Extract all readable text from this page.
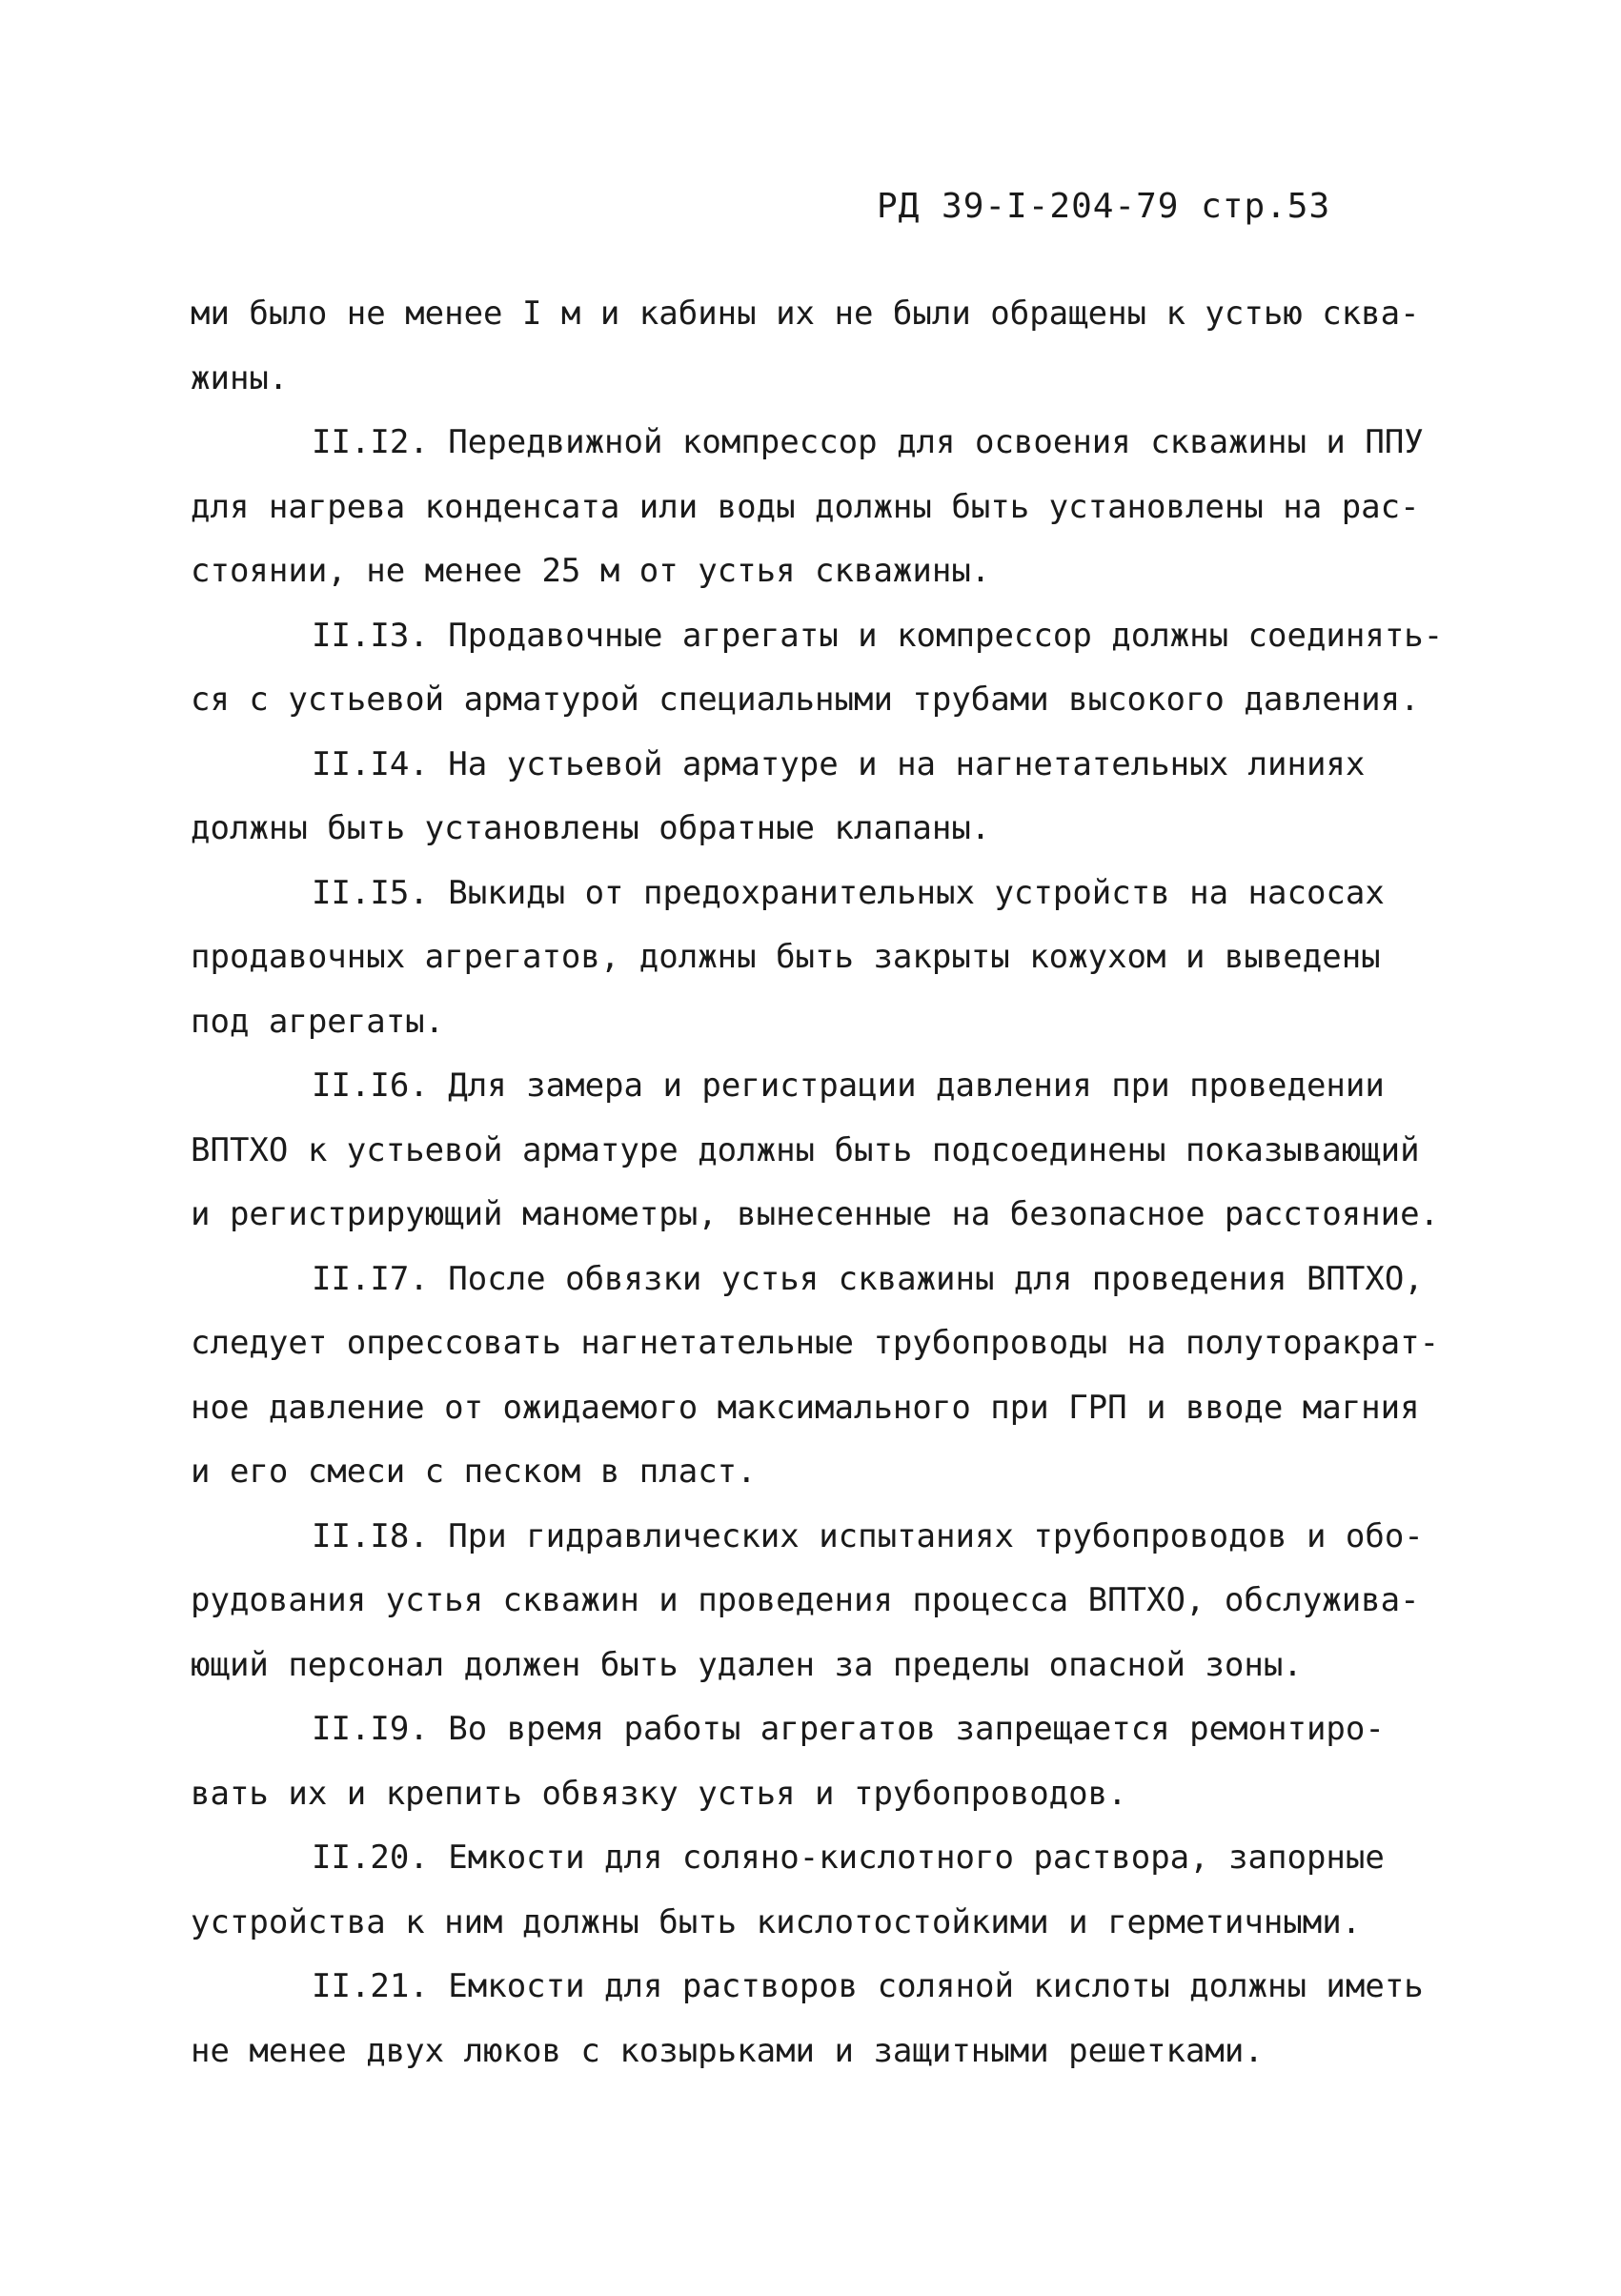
РД 39-I-204-79 стр.53
ми было не менее I м и кабины их не были обращены к устью сква-
жины.
II.I2. Передвижной компрессор для освоения скважины и ППУ
для нагрева конденсата или воды должны быть установлены на рас-
стоянии, не менее 25 м от устья скважины.
II.I3. Продавочные агрегаты и компрессор должны соединять-
ся с устьевой арматурой специальными трубами высокого давления.
II.I4. На устьевой арматуре и на нагнетательных линиях
должны быть установлены обратные клапаны.
II.I5. Выкиды от предохранительных устройств на насосах
продавочных агрегатов, должны быть закрыты кожухом и выведены
под агрегаты.
II.I6. Для замера и регистрации давления при проведении
ВПТХО к устьевой арматуре должны быть подсоединены показывающий
и регистрирующий манометры, вынесенные на безопасное расстояние.
II.I7. После обвязки устья скважины для проведения ВПТХО,
следует опрессовать нагнетательные трубопроводы на полуторакрат-
ное давление от ожидаемого максимального при ГРП и вводе магния
и его смеси с песком в пласт.
II.I8. При гидравлических испытаниях трубопроводов и обо-
рудования устья скважин и проведения процесса ВПТХО, обслужива-
ющий персонал должен быть удален за пределы опасной зоны.
II.I9. Во время работы агрегатов запрещается ремонтиро-
вать их и крепить обвязку устья и трубопроводов.
II.20. Емкости для соляно-кислотного раствора, запорные
устройства к ним должны быть кислотостойкими и герметичными.
II.21. Емкости для растворов соляной кислоты должны иметь
не менее двух люков с козырьками и защитными решетками.
